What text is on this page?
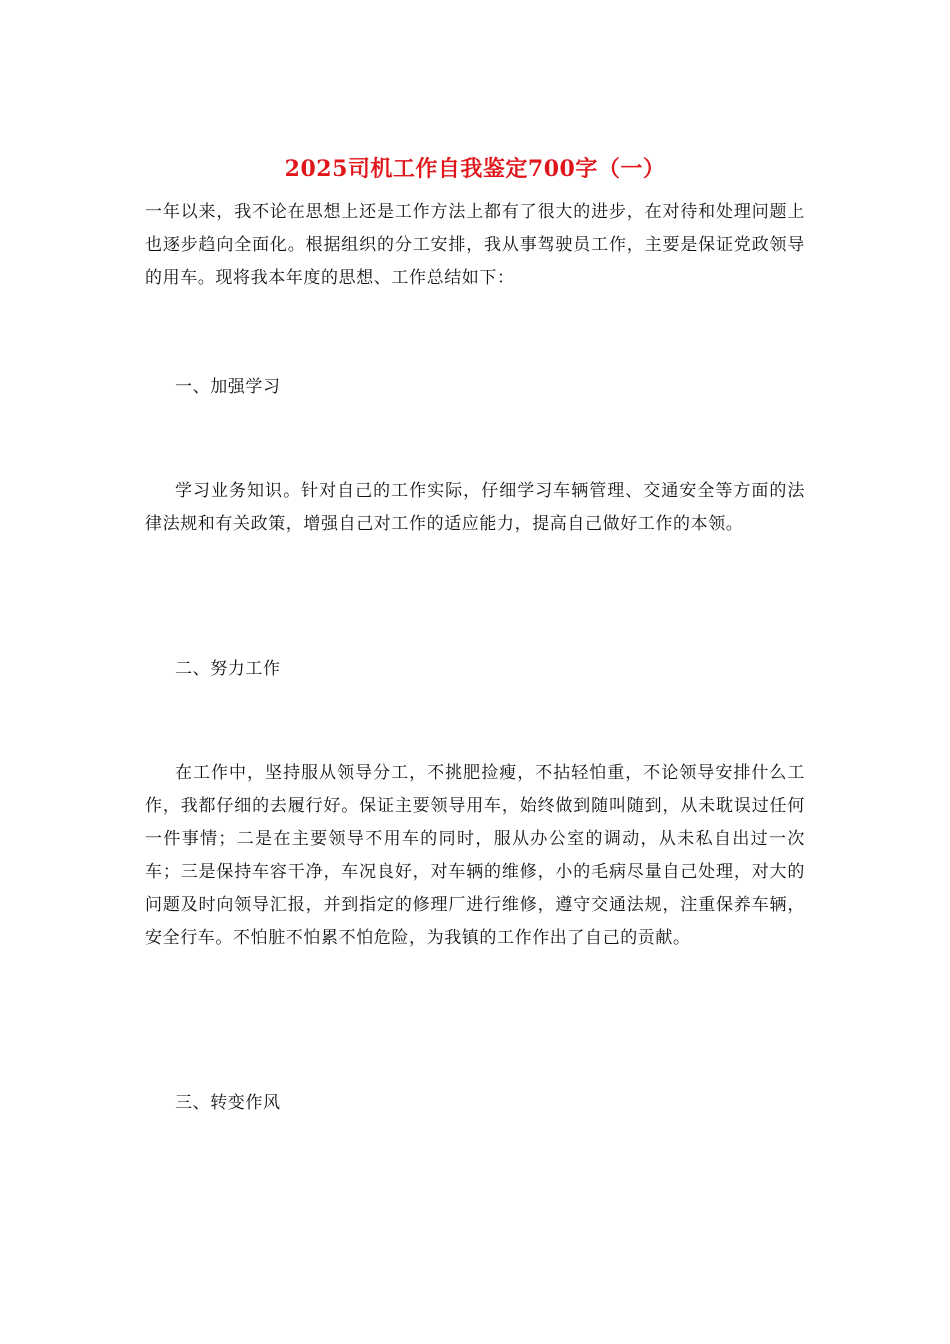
2025司机工作自我鉴定700字（一）
一年以来，我不论在思想上还是工作方法上都有了很大的进步，在对待和处理问题上也逐步趋向全面化。根据组织的分工安排，我从事驾驶员工作，主要是保证党政领导的用车。现将我本年度的思想、工作总结如下：
一、加强学习
学习业务知识。针对自己的工作实际，仔细学习车辆管理、交通安全等方面的法律法规和有关政策，增强自己对工作的适应能力，提高自己做好工作的本领。
二、努力工作
在工作中，坚持服从领导分工，不挑肥捡瘦，不拈轻怕重，不论领导安排什么工作，我都仔细的去履行好。保证主要领导用车，始终做到随叫随到，从未耽误过任何一件事情；二是在主要领导不用车的同时，服从办公室的调动，从未私自出过一次车；三是保持车容干净，车况良好，对车辆的维修，小的毛病尽量自己处理，对大的问题及时向领导汇报，并到指定的修理厂进行维修，遵守交通法规，注重保养车辆，安全行车。不怕脏不怕累不怕危险，为我镇的工作作出了自己的贡献。
三、转变作风
